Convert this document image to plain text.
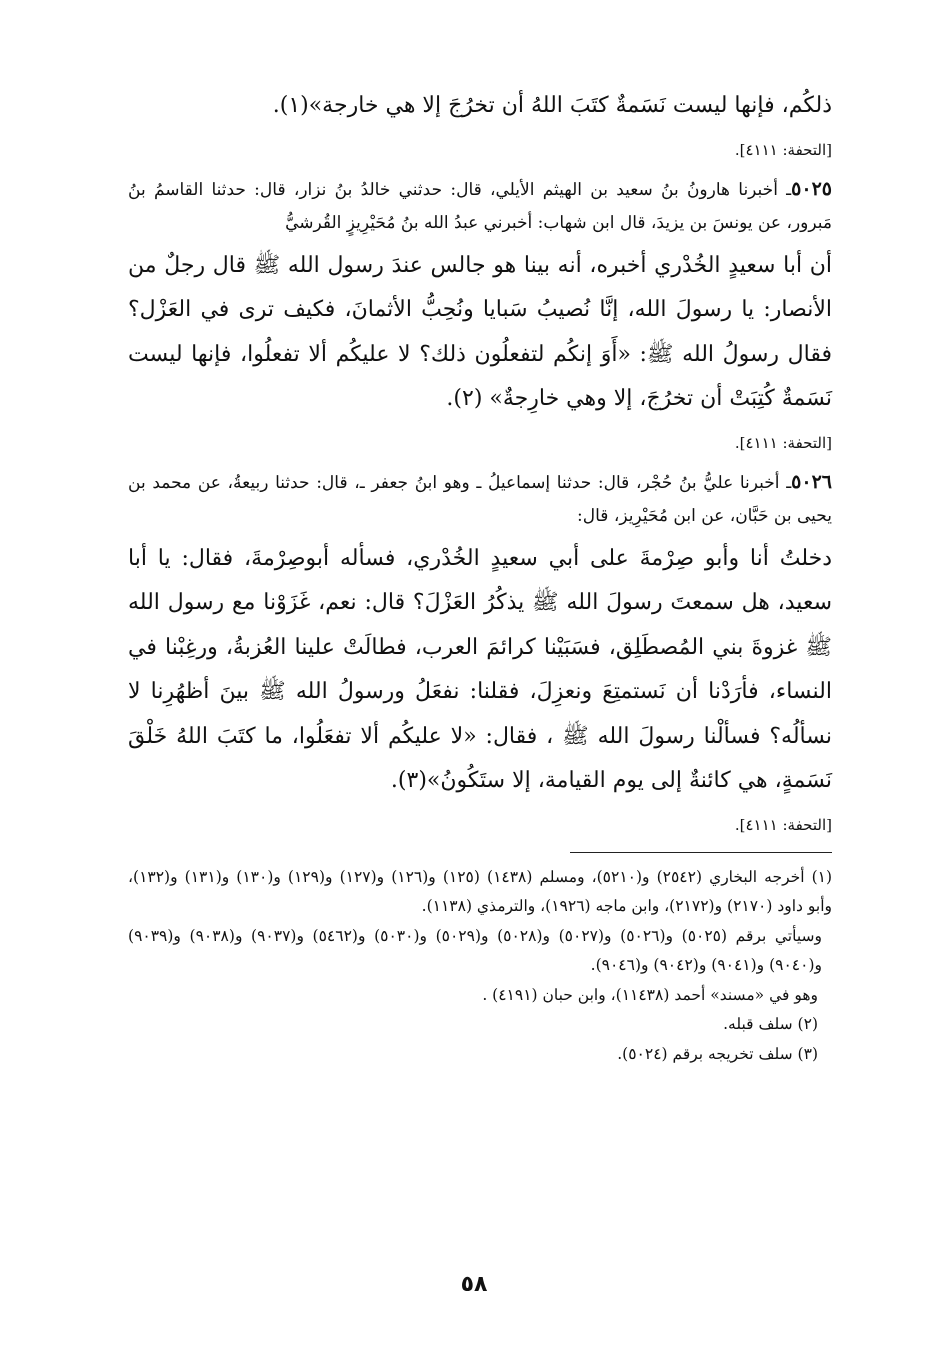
ذلكُم، فإنها ليست نَسَمةٌ كتَبَ اللهُ أن تخرُجَ إلا هي خارجة»(١).

[التحفة: ٤١١١].

٥٠٢٥ـ أخبرنا هارونُ بنُ سعيد بن الهيثم الأيلي، قال: حدثني خالدُ بنُ نزار، قال: حدثنا القاسمُ بنُ مَبرور، عن يونسَ بن يزيدَ، قال ابن شهاب: أخبرني عبدُ الله بنُ مُحَيْرِيزٍ القُرشيُّ

أن أبا سعيدٍ الخُدْري أخبره، أنه بينا هو جالس عندَ رسول الله ﷺ قال رجلٌ من الأنصار: يا رسولَ الله، إنَّا نُصيبُ سَبايا ونُحِبُّ الأثمانَ، فكيف ترى في العَزْل؟ فقال رسولُ الله ﷺ: «أَوَ إنكُم لتفعلُون ذلك؟ لا عليكُم ألا تفعلُوا، فإنها ليست نَسَمةٌ كُتِبَتْ أن تخرُجَ، إلا وهي خارِجةٌ» (٢).

[التحفة: ٤١١١].

٥٠٢٦ـ أخبرنا عليُّ بنُ حُجْر، قال: حدثنا إسماعيلُ ـ وهو ابنُ جعفر ـ، قال: حدثنا ربيعةُ، عن محمد بن يحيى بن حَبَّان، عن ابن مُحَيْرِيز، قال:

دخلتُ أنا وأبو صِرْمةَ على أبي سعيدٍ الخُدْري، فسأله أبوصِرْمةَ، فقال: يا أبا سعيد، هل سمعتَ رسولَ الله ﷺ يذكُرُ العَزْلَ؟ قال: نعم، غَزَوْنا مع رسول الله ﷺ غزوةَ بني المُصطَلِق، فسَبَيْنا كرائمَ العرب، فطالَتْ علينا العُزبةُ، ورغِبْنا في النساء، فأرَدْنا أن نَستمتِعَ ونعزِلَ، فقلنا: نفعَلُ ورسولُ الله ﷺ بينَ أظهُرِنا لا نسألُه؟ فسألْنا رسولَ الله ﷺ ، فقال: «لا عليكُم ألا تفعَلُوا، ما كتَبَ اللهُ خَلْقَ نَسَمةٍ، هي كائنةٌ إلى يوم القيامة، إلا ستَكُونُ»(٣).

[التحفة: ٤١١١].

(١) أخرجه البخاري (٢٥٤٢) و(٥٢١٠)، ومسلم (١٤٣٨) (١٢٥) و(١٢٦) و(١٢٧) و(١٢٩) و(١٣٠) و(١٣١) و(١٣٢)، وأبو داود (٢١٧٠) و(٢١٧٢)، وابن ماجه (١٩٢٦)، والترمذي (١١٣٨).

وسيأتي برقم (٥٠٢٥) و(٥٠٢٦) و(٥٠٢٧) و(٥٠٢٨) و(٥٠٢٩) و(٥٠٣٠) و(٥٤٦٢) و(٩٠٣٧) و(٩٠٣٨) و(٩٠٣٩) و(٩٠٤٠) و(٩٠٤١) و(٩٠٤٢) و(٩٠٤٦).

وهو في «مسند» أحمد (١١٤٣٨)، وابن حبان (٤١٩١) .

(٢) سلف قبله.

(٣) سلف تخريجه برقم (٥٠٢٤).

٥٨
